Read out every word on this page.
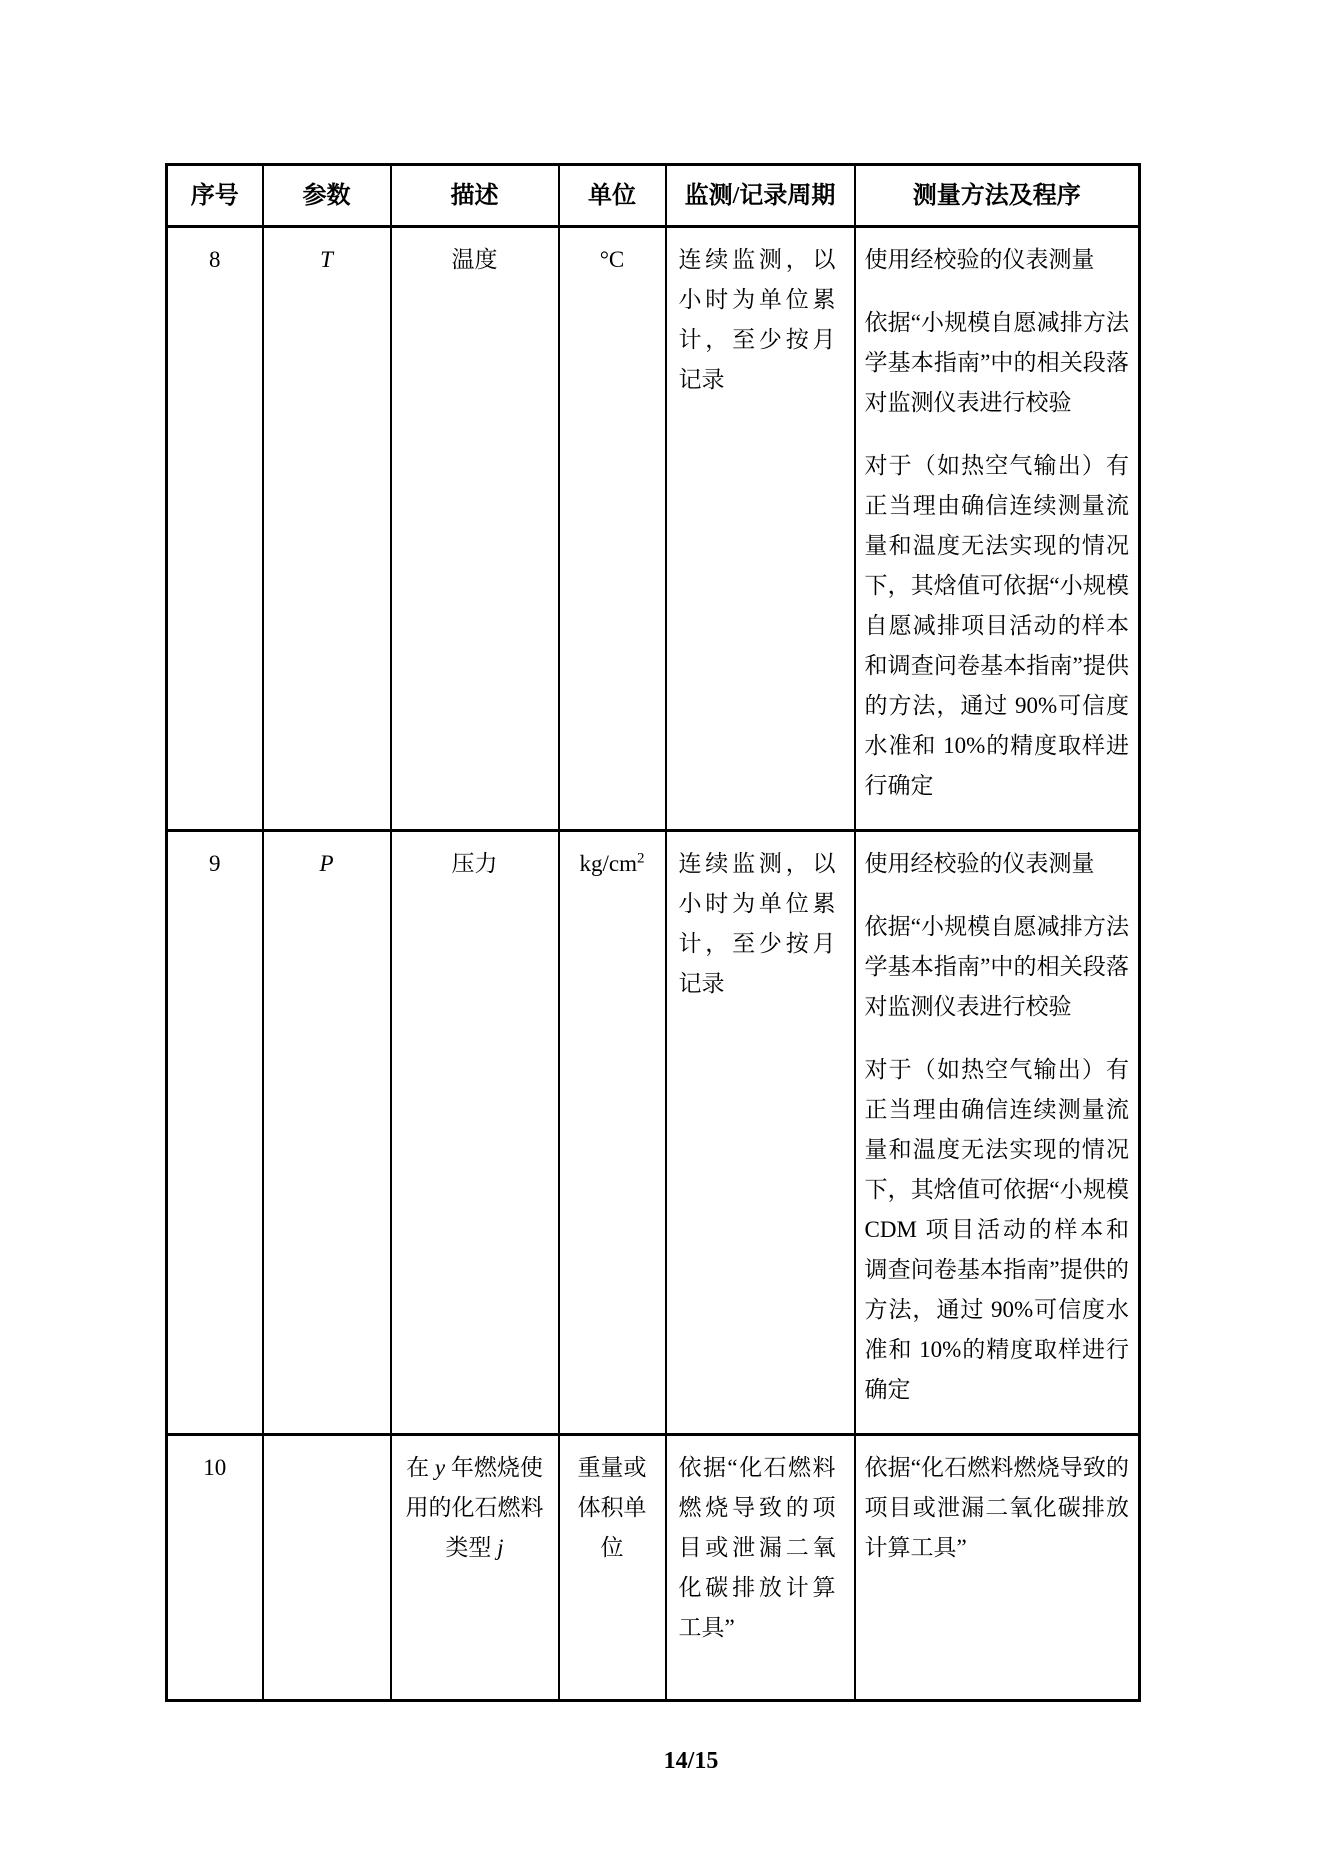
序号	参数	描述	单位	监测/记录周期	测量方法及程序
8	T	温度	°C	连续监测，以小时为单位累计，至少按月记录	使用经校验的仪表测量

依据“小规模自愿减排方法学基本指南”中的相关段落对监测仪表进行校验

对于（如热空气输出）有正当理由确信连续测量流量和温度无法实现的情况下，其焓值可依据“小规模自愿减排项目活动的样本和调查问卷基本指南”提供的方法，通过 90%可信度水准和 10%的精度取样进行确定

9	P	压力	$kg/cm^2$	连续监测，以小时为单位累计，至少按月记录	使用经校验的仪表测量

依据“小规模自愿减排方法学基本指南”中的相关段落对监测仪表进行校验

对于（如热空气输出）有正当理由确信连续测量流量和温度无法实现的情况下，其焓值可依据“小规模 CDM 项目活动的样本和调查问卷基本指南”提供的方法，通过 90%可信度水准和 10%的精度取样进行确定

10		在 y 年燃烧使用的化石燃料类型 j	重量或体积单位	依据“化石燃料燃烧导致的项目或泄漏二氧化碳排放计算工具”	依据“化石燃料燃烧导致的项目或泄漏二氧化碳排放计算工具”

14/15
